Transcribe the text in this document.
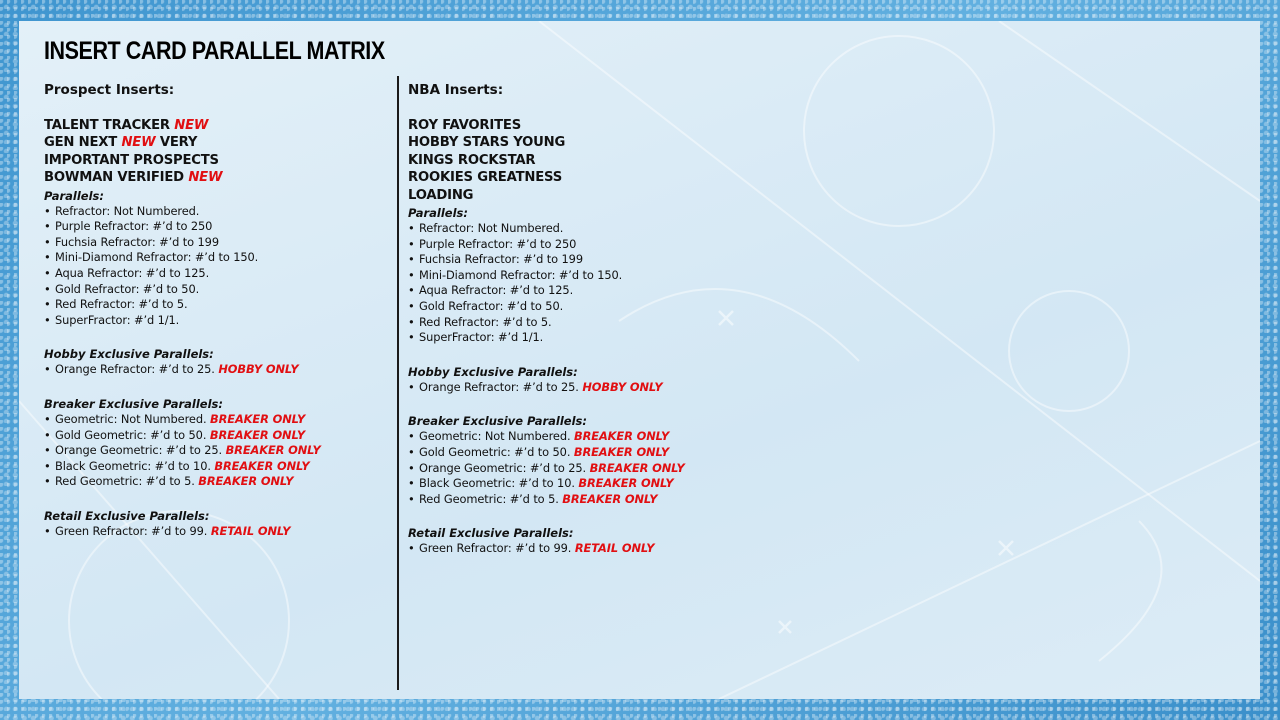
INSERT CARD PARALLEL MATRIX
Prospect Inserts:
TALENT TRACKER NEW
GEN NEXT NEW VERY
IMPORTANT PROSPECTS
BOWMAN VERIFIED NEW
Parallels:
• Refractor: Not Numbered.
• Purple Refractor: #’d to 250
• Fuchsia Refractor: #’d to 199
• Mini-Diamond Refractor: #’d to 150.
• Aqua Refractor: #’d to 125.
• Gold Refractor: #’d to 50.
• Red Refractor: #’d to 5.
• SuperFractor: #’d 1/1.
Hobby Exclusive Parallels:
• Orange Refractor: #’d to 25. HOBBY ONLY
Breaker Exclusive Parallels:
• Geometric: Not Numbered. BREAKER ONLY
• Gold Geometric: #’d to 50. BREAKER ONLY
• Orange Geometric: #’d to 25. BREAKER ONLY
• Black Geometric: #’d to 10. BREAKER ONLY
• Red Geometric: #’d to 5. BREAKER ONLY
Retail Exclusive Parallels:
• Green Refractor: #’d to 99. RETAIL ONLY
NBA Inserts:
ROY FAVORITES
HOBBY STARS YOUNG
KINGS ROCKSTAR
ROOKIES GREATNESS
LOADING
Parallels:
• Refractor: Not Numbered.
• Purple Refractor: #’d to 250
• Fuchsia Refractor: #’d to 199
• Mini-Diamond Refractor: #’d to 150.
• Aqua Refractor: #’d to 125.
• Gold Refractor: #’d to 50.
• Red Refractor: #’d to 5.
• SuperFractor: #’d 1/1.
Hobby Exclusive Parallels:
• Orange Refractor: #’d to 25. HOBBY ONLY
Breaker Exclusive Parallels:
• Geometric: Not Numbered. BREAKER ONLY
• Gold Geometric: #’d to 50. BREAKER ONLY
• Orange Geometric: #’d to 25. BREAKER ONLY
• Black Geometric: #’d to 10. BREAKER ONLY
• Red Geometric: #’d to 5. BREAKER ONLY
Retail Exclusive Parallels:
• Green Refractor: #’d to 99. RETAIL ONLY
